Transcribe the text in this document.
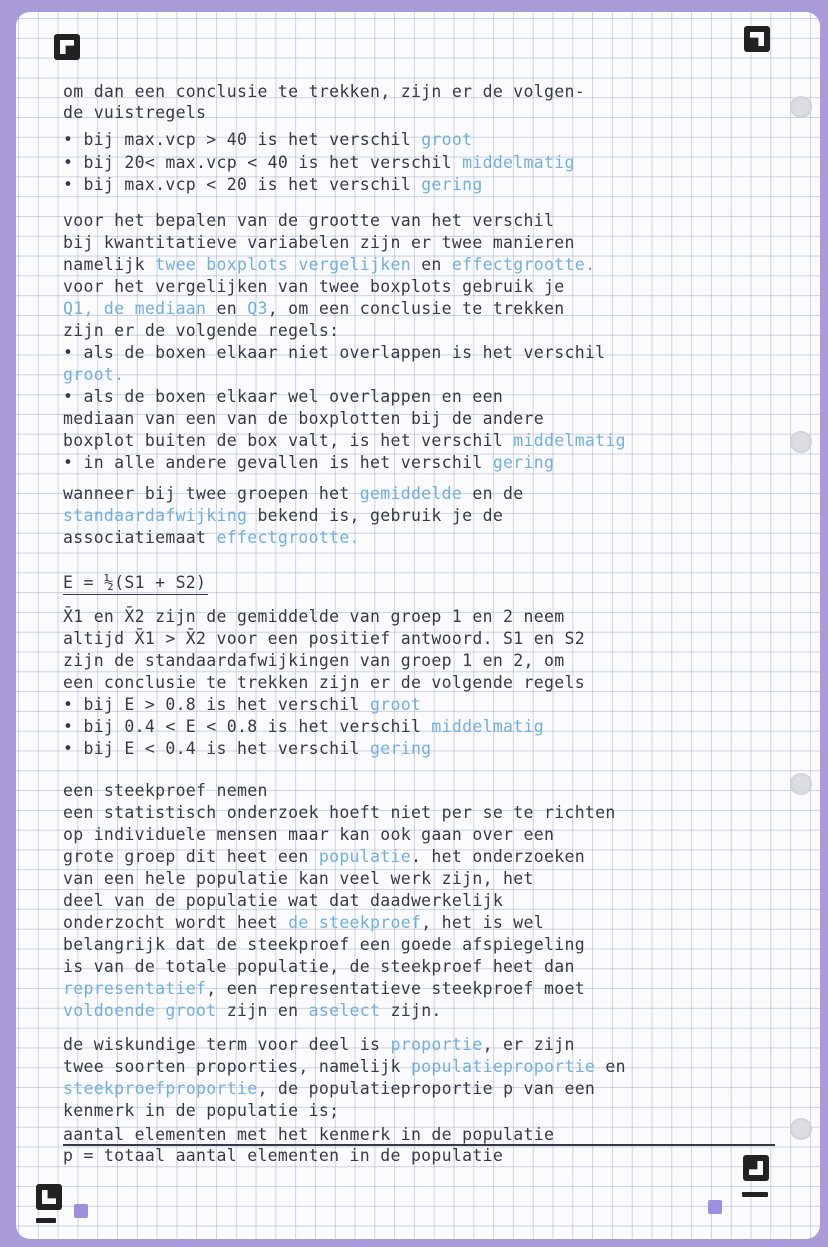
om dan een conclusie te trekken, zijn er de volgen-
de vuistregels
• bij max.vcp > 40 is het verschil groot
• bij 20< max.vcp < 40 is het verschil middelmatig
• bij max.vcp < 20 is het verschil gering
voor het bepalen van de grootte van het verschil
bij kwantitatieve variabelen zijn er twee manieren
namelijk twee boxplots vergelijken en effectgrootte.
voor het vergelijken van twee boxplots gebruik je
Q1, de mediaan en Q3, om een conclusie te trekken
zijn er de volgende regels:
• als de boxen elkaar niet overlappen is het verschil
groot.
• als de boxen elkaar wel overlappen en een
mediaan van een van de boxplotten bij de andere
boxplot buiten de box valt, is het verschil middelmatig
• in alle andere gevallen is het verschil gering
wanneer bij twee groepen het gemiddelde en de
standaardafwijking bekend is, gebruik je de
associatiemaat effectgrootte.
E = ½(S1 + S2)
X̄1 en X̄2 zijn de gemiddelde van groep 1 en 2 neem
altijd X̄1 > X̄2 voor een positief antwoord. S1 en S2
zijn de standaardafwijkingen van groep 1 en 2, om
een conclusie te trekken zijn er de volgende regels
• bij E > 0.8 is het verschil groot
• bij 0.4 < E < 0.8 is het verschil middelmatig
• bij E < 0.4 is het verschil gering
een steekproef nemen
een statistisch onderzoek hoeft niet per se te richten
op individuele mensen maar kan ook gaan over een
grote groep dit heet een populatie. het onderzoeken
van een hele populatie kan veel werk zijn, het
deel van de populatie wat dat daadwerkelijk
onderzocht wordt heet de steekproef, het is wel
belangrijk dat de steekproef een goede afspiegeling
is van de totale populatie, de steekproef heet dan
representatief, een representatieve steekproef moet
voldoende groot zijn en aselect zijn.
de wiskundige term voor deel is proportie, er zijn
twee soorten proporties, namelijk populatieproportie en
steekproefproportie, de populatieproportie p van een
kenmerk in de populatie is;
aantal elementen met het kenmerk in de populatie
p = totaal aantal elementen in de populatie
